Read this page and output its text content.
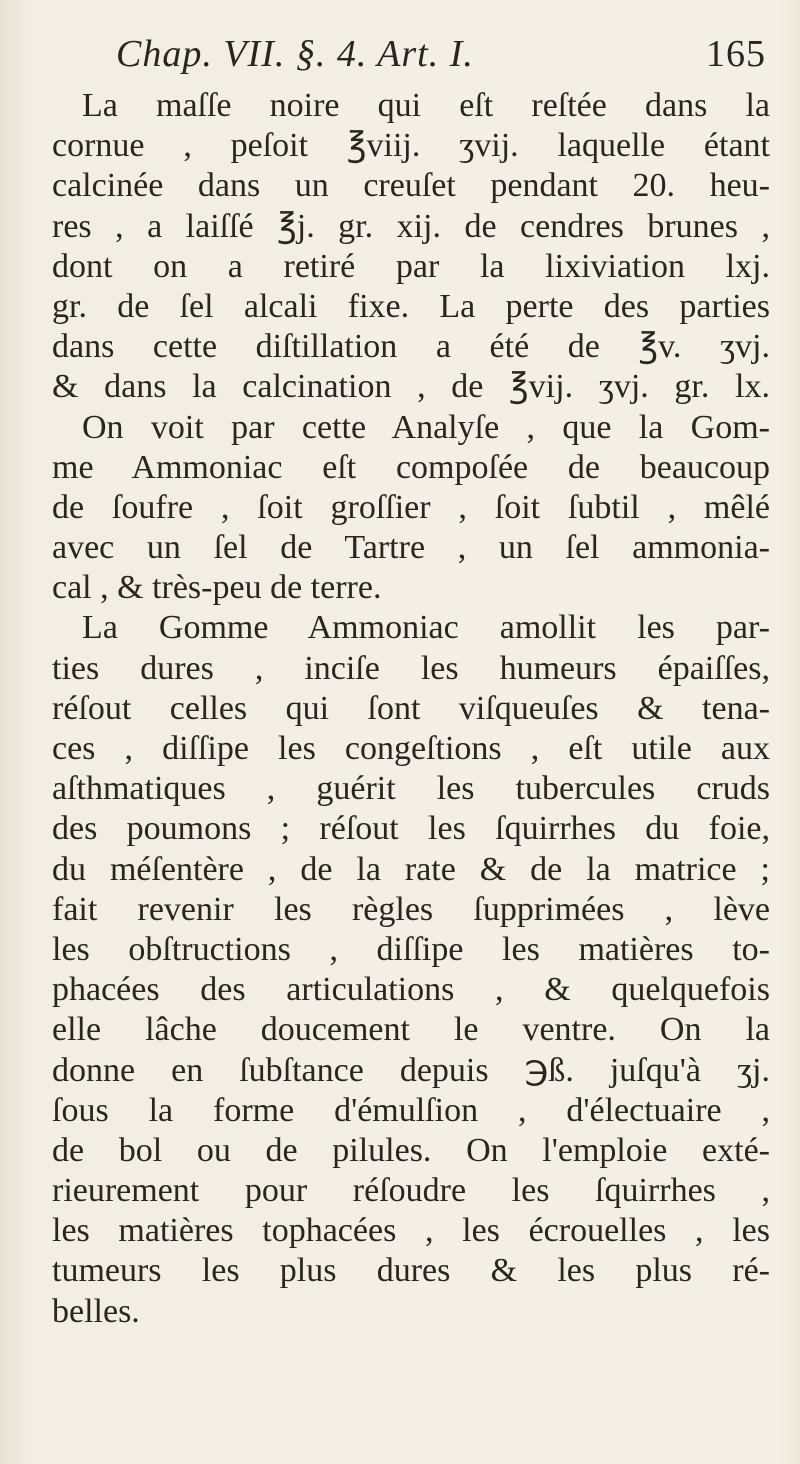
Chap. VII. §. 4. Art. I.	165
La maſſe noire qui eſt reſtée dans la
cornue , peſoit ℥viij. ʒvij. laquelle étant
calcinée dans un creuſet pendant 20. heu-
res , a laiſſé ℥j. gr. xij. de cendres brunes ,
dont on a retiré par la lixiviation lxj.
gr. de ſel alcali fixe. La perte des parties
dans cette diſtillation a été de ℥v. ʒvj.
& dans la calcination , de ℥vij. ʒvj. gr. lx.
On voit par cette Analyſe , que la Gom-
me Ammoniac eſt compoſée de beaucoup
de ſoufre , ſoit groſſier , ſoit ſubtil , mêlé
avec un ſel de Tartre , un ſel ammonia-
cal , & très-peu de terre.
La Gomme Ammoniac amollit les par-
ties dures , inciſe les humeurs épaiſſes,
réſout celles qui ſont viſqueuſes & tena-
ces , diſſipe les congeſtions , eſt utile aux
aſthmatiques , guérit les tubercules cruds
des poumons ; réſout les ſquirrhes du foie,
du méſentère , de la rate & de la matrice ;
fait revenir les règles ſupprimées , lève
les obſtructions , diſſipe les matières to-
phacées des articulations , & quelquefois
elle lâche doucement le ventre. On la
donne en ſubſtance depuis ℈ß. juſqu'à ʒj.
ſous la forme d'émulſion , d'électuaire ,
de bol ou de pilules. On l'emploie exté-
rieurement pour réſoudre les ſquirrhes ,
les matières tophacées , les écrouelles , les
tumeurs les plus dures & les plus ré-
belles.
